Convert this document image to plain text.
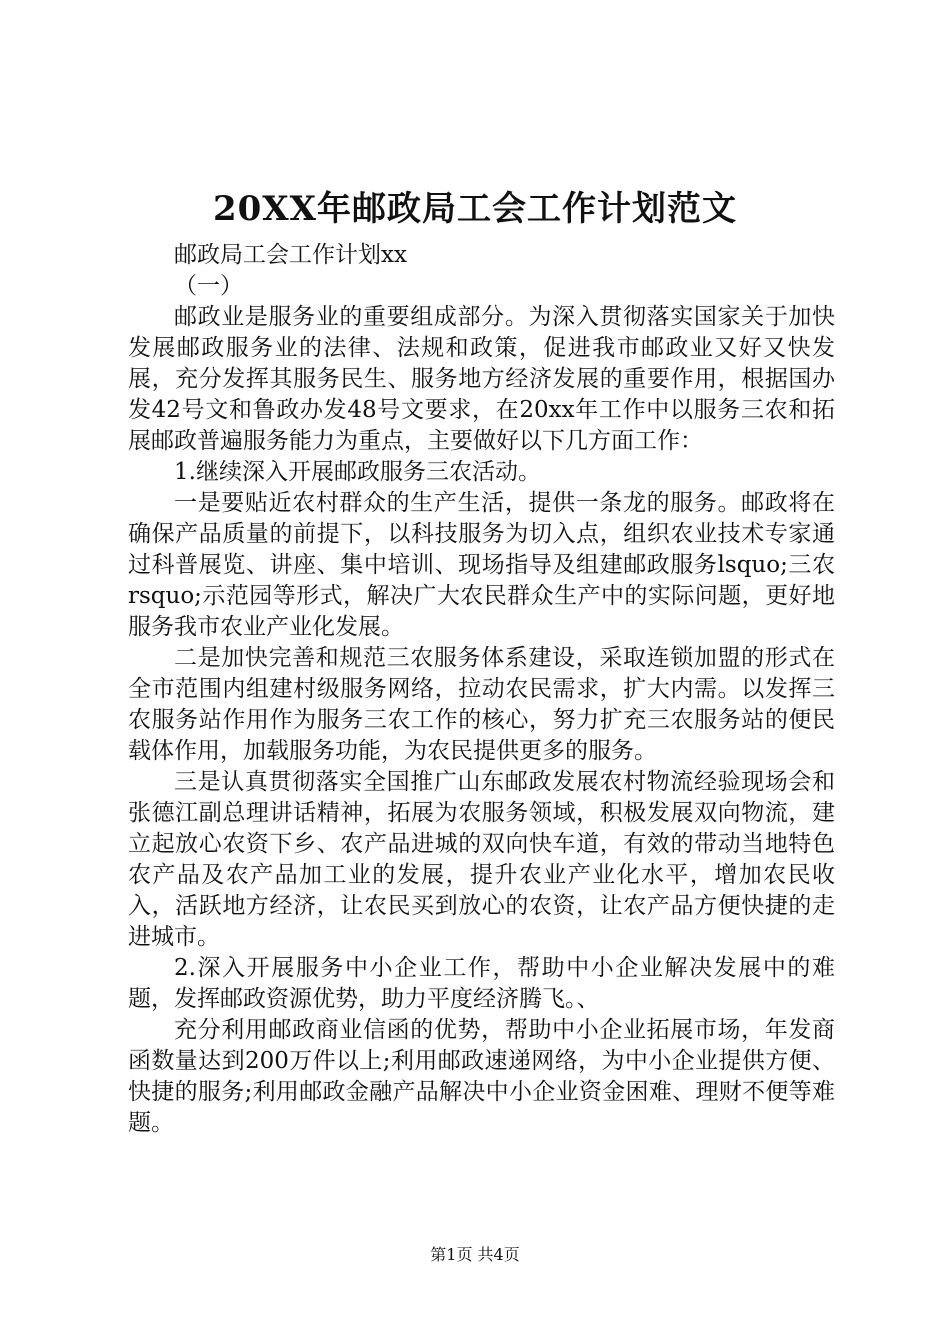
20XX年邮政局工会工作计划范文

邮政局工会工作计划xx

（一）

邮政业是服务业的重要组成部分。为深入贯彻落实国家关于加快发展邮政服务业的法律、法规和政策，促进我市邮政业又好又快发展，充分发挥其服务民生、服务地方经济发展的重要作用，根据国办发42号文和鲁政办发48号文要求，在20xx年工作中以服务三农和拓展邮政普遍服务能力为重点，主要做好以下几方面工作：

1.继续深入开展邮政服务三农活动。

一是要贴近农村群众的生产生活，提供一条龙的服务。邮政将在确保产品质量的前提下，以科技服务为切入点，组织农业技术专家通过科普展览、讲座、集中培训、现场指导及组建邮政服务lsquo;三农rsquo;示范园等形式，解决广大农民群众生产中的实际问题，更好地服务我市农业产业化发展。

二是加快完善和规范三农服务体系建设，采取连锁加盟的形式在全市范围内组建村级服务网络，拉动农民需求，扩大内需。以发挥三农服务站作用作为服务三农工作的核心，努力扩充三农服务站的便民载体作用，加载服务功能，为农民提供更多的服务。

三是认真贯彻落实全国推广山东邮政发展农村物流经验现场会和张德江副总理讲话精神，拓展为农服务领域，积极发展双向物流，建立起放心农资下乡、农产品进城的双向快车道，有效的带动当地特色农产品及农产品加工业的发展，提升农业产业化水平，增加农民收入，活跃地方经济，让农民买到放心的农资，让农产品方便快捷的走进城市。

2.深入开展服务中小企业工作，帮助中小企业解决发展中的难题，发挥邮政资源优势，助力平度经济腾飞。、

充分利用邮政商业信函的优势，帮助中小企业拓展市场，年发商函数量达到200万件以上;利用邮政速递网络，为中小企业提供方便、快捷的服务;利用邮政金融产品解决中小企业资金困难、理财不便等难题。

第1页 共4页
